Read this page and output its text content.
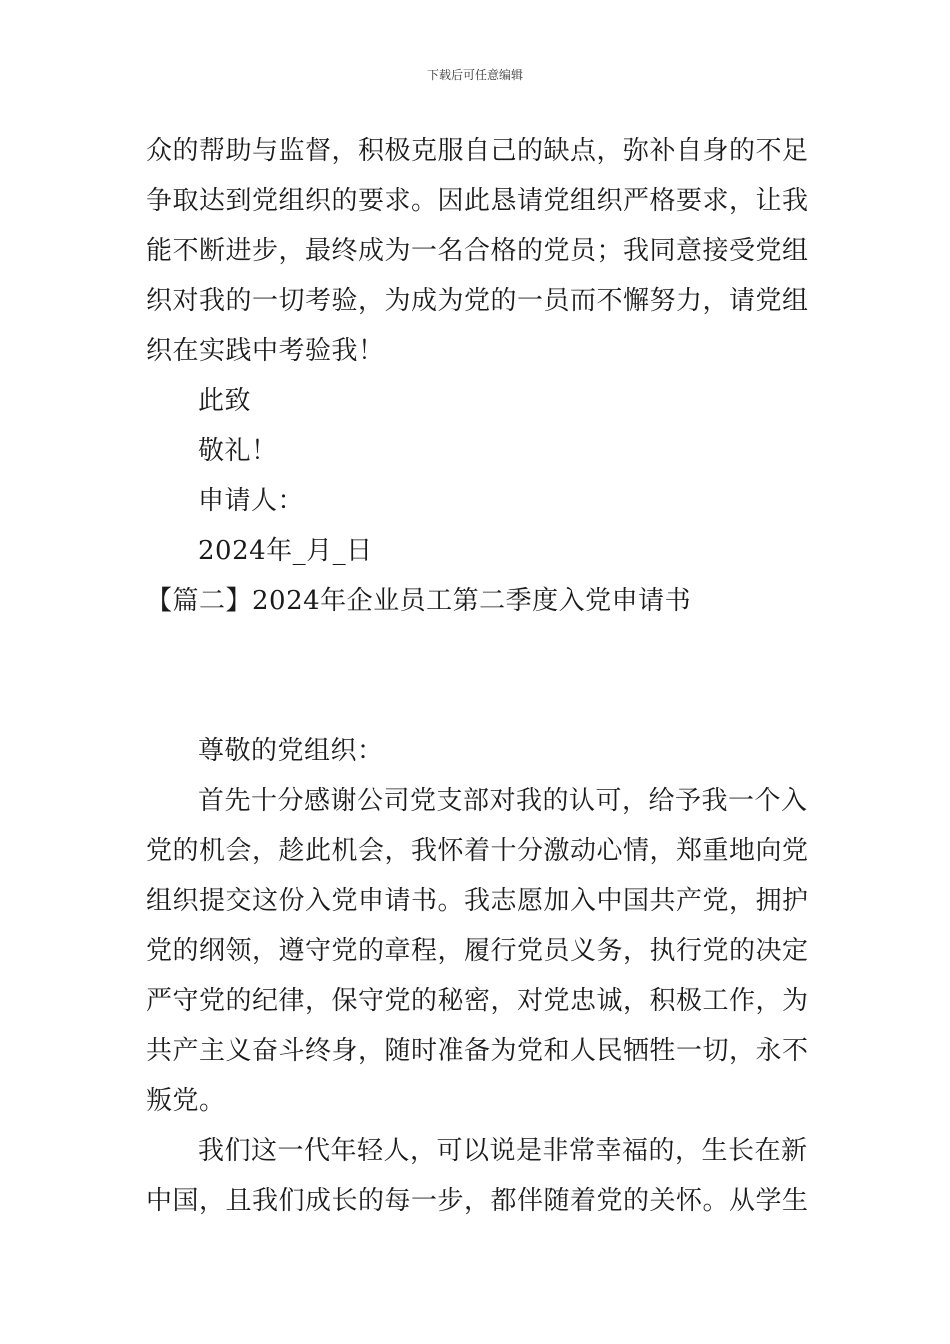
下载后可任意编辑
众的帮助与监督，积极克服自己的缺点，弥补自身的不足
争取达到党组织的要求。因此恳请党组织严格要求，让我
能不断进步，最终成为一名合格的党员；我同意接受党组
织对我的一切考验，为成为党的一员而不懈努力，请党组
织在实践中考验我！
此致
敬礼！
申请人：
2024年_月_日
【篇二】2024年企业员工第二季度入党申请书
尊敬的党组织：
首先十分感谢公司党支部对我的认可，给予我一个入
党的机会，趁此机会，我怀着十分激动心情，郑重地向党
组织提交这份入党申请书。我志愿加入中国共产党，拥护
党的纲领，遵守党的章程，履行党员义务，执行党的决定
严守党的纪律，保守党的秘密，对党忠诚，积极工作，为
共产主义奋斗终身，随时准备为党和人民牺牲一切，永不
叛党。
我们这一代年轻人，可以说是非常幸福的，生长在新
中国，且我们成长的每一步，都伴随着党的关怀。从学生
